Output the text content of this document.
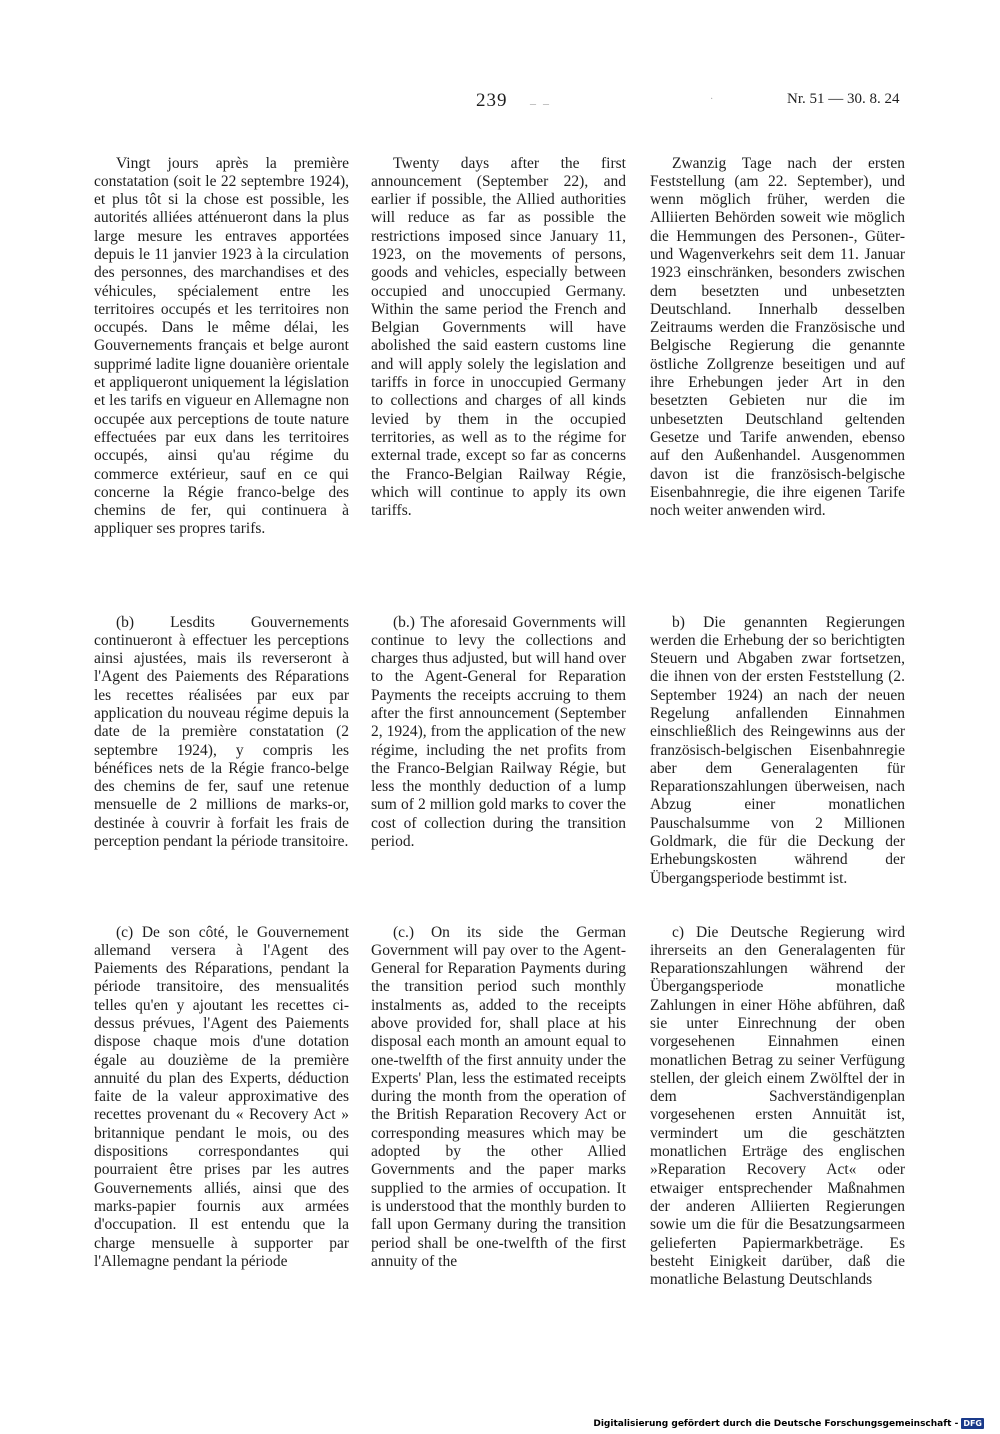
239 – –	·	Nr. 51 — 30. 8. 24

Vingt jours après la première constatation (soit le 22 septembre 1924), et plus tôt si la chose est possible, les autorités alliées atténueront dans la plus large mesure les entraves apportées depuis le 11 janvier 1923 à la circulation des personnes, des marchandises et des véhicules, spécialement entre les territoires occupés et les territoires non occupés. Dans le même délai, les Gouvernements français et belge auront supprimé ladite ligne douanière orientale et appliqueront uniquement la législation et les tarifs en vigueur en Allemagne non occupée aux perceptions de toute nature effectuées par eux dans les territoires occupés, ainsi qu'au régime du commerce extérieur, sauf en ce qui concerne la Régie franco-belge des chemins de fer, qui continuera à appliquer ses propres tarifs.

(b) Lesdits Gouvernements continueront à effectuer les perceptions ainsi ajustées, mais ils reverseront à l'Agent des Paiements des Réparations les recettes réalisées par eux par application du nouveau régime depuis la date de la première constatation (2 septembre 1924), y compris les bénéfices nets de la Régie franco-belge des chemins de fer, sauf une retenue mensuelle de 2 millions de marks-or, destinée à couvrir à forfait les frais de perception pendant la période transitoire.

(c) De son côté, le Gouvernement allemand versera à l'Agent des Paiements des Réparations, pendant la période transitoire, des mensualités telles qu'en y ajoutant les recettes ci-dessus prévues, l'Agent des Paiements dispose chaque mois d'une dotation égale au douzième de la première annuité du plan des Experts, déduction faite de la valeur approximative des recettes provenant du « Recovery Act » britannique pendant le mois, ou des dispositions correspondantes qui pourraient être prises par les autres Gouvernements alliés, ainsi que des marks-papier fournis aux armées d'occupation. Il est entendu que la charge mensuelle à supporter par l'Allemagne pendant la période

Twenty days after the first announcement (September 22), and earlier if possible, the Allied authorities will reduce as far as possible the restrictions imposed since January 11, 1923, on the movements of persons, goods and vehicles, especially between occupied and unoccupied Germany. Within the same period the French and Belgian Governments will have abolished the said eastern customs line and will apply solely the legislation and tariffs in force in unoccupied Germany to collections and charges of all kinds levied by them in the occupied territories, as well as to the régime for external trade, except so far as concerns the Franco-Belgian Railway Régie, which will continue to apply its own tariffs.

(b.) The aforesaid Governments will continue to levy the collections and charges thus adjusted, but will hand over to the Agent-General for Reparation Payments the receipts accruing to them after the first announcement (September 2, 1924), from the application of the new régime, including the net profits from the Franco-Belgian Railway Régie, but less the monthly deduction of a lump sum of 2 million gold marks to cover the cost of collection during the transition period.

(c.) On its side the German Government will pay over to the Agent-General for Reparation Payments during the transition period such monthly instalments as, added to the receipts above provided for, shall place at his disposal each month an amount equal to one-twelfth of the first annuity under the Experts' Plan, less the estimated receipts during the month from the operation of the British Reparation Recovery Act or corresponding measures which may be adopted by the other Allied Governments and the paper marks supplied to the armies of occupation. It is understood that the monthly burden to fall upon Germany during the transition period shall be one-twelfth of the first annuity of the

Zwanzig Tage nach der ersten Feststellung (am 22. September), und wenn möglich früher, werden die Alliierten Behörden soweit wie möglich die Hemmungen des Personen-, Güter- und Wagenverkehrs seit dem 11. Januar 1923 einschränken, besonders zwischen dem besetzten und unbesetzten Deutschland. Innerhalb desselben Zeitraums werden die Französische und Belgische Regierung die genannte östliche Zollgrenze beseitigen und auf ihre Erhebungen jeder Art in den besetzten Gebieten nur die im unbesetzten Deutschland geltenden Gesetze und Tarife anwenden, ebenso auf den Außenhandel. Ausgenommen davon ist die französisch-belgische Eisenbahnregie, die ihre eigenen Tarife noch weiter anwenden wird.

b) Die genannten Regierungen werden die Erhebung der so berichtigten Steuern und Abgaben zwar fortsetzen, die ihnen von der ersten Feststellung (2. September 1924) an nach der neuen Regelung anfallenden Einnahmen einschließlich des Reingewinns aus der französisch-belgischen Eisenbahnregie aber dem Generalagenten für Reparationszahlungen überweisen, nach Abzug einer monatlichen Pauschalsumme von 2 Millionen Goldmark, die für die Deckung der Erhebungskosten während der Übergangsperiode bestimmt ist.

c) Die Deutsche Regierung wird ihrerseits an den Generalagenten für Reparationszahlungen während der Übergangsperiode monatliche Zahlungen in einer Höhe abführen, daß sie unter Einrechnung der oben vorgesehenen Einnahmen einen monatlichen Betrag zu seiner Verfügung stellen, der gleich einem Zwölftel der in dem Sachverständigenplan vorgesehenen ersten Annuität ist, vermindert um die geschätzten monatlichen Erträge des englischen »Reparation Recovery Act« oder etwaiger entsprechender Maßnahmen der anderen Alliierten Regierungen sowie um die für die Besatzungsarmeen gelieferten Papiermarkbeträge. Es besteht Einigkeit darüber, daß die monatliche Belastung Deutschlands

Digitalisierung gefördert durch die Deutsche Forschungsgemeinschaft - DFG
